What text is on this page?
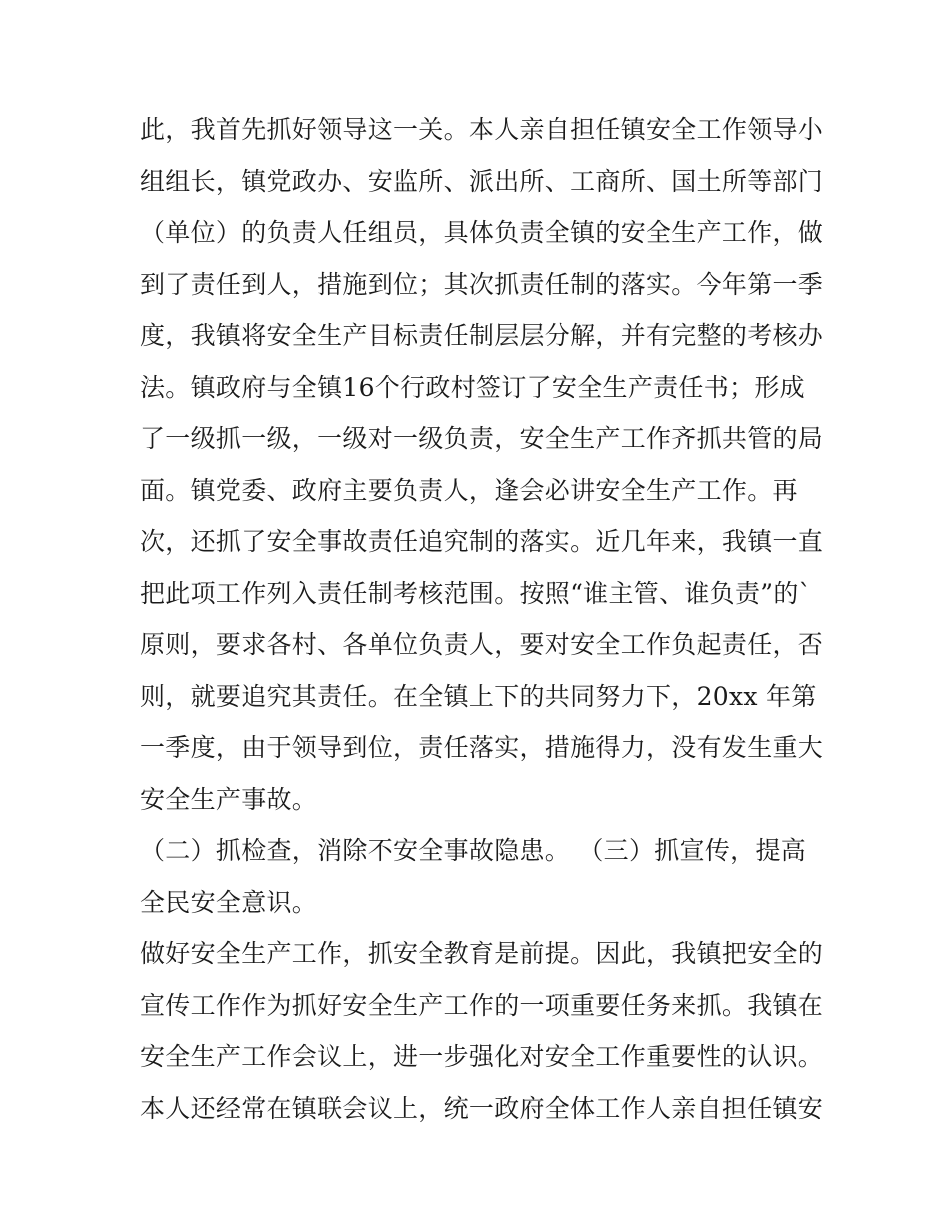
此，我首先抓好领导这一关。本人亲自担任镇安全工作领导小
组组长，镇党政办、安监所、派出所、工商所、国土所等部门
（单位）的负责人任组员，具体负责全镇的安全生产工作，做
到了责任到人，措施到位；其次抓责任制的落实。今年第一季
度，我镇将安全生产目标责任制层层分解，并有完整的考核办
法。镇政府与全镇16个行政村签订了安全生产责任书；形成
了一级抓一级，一级对一级负责，安全生产工作齐抓共管的局
面。镇党委、政府主要负责人，逢会必讲安全生产工作。再
次，还抓了安全事故责任追究制的落实。近几年来，我镇一直
把此项工作列入责任制考核范围。按照“谁主管、谁负责”的`
原则，要求各村、各单位负责人，要对安全工作负起责任，否
则，就要追究其责任。在全镇上下的共同努力下，20xx 年第
一季度，由于领导到位，责任落实，措施得力，没有发生重大
安全生产事故。
（二）抓检查，消除不安全事故隐患。 （三）抓宣传，提高
全民安全意识。
做好安全生产工作，抓安全教育是前提。因此，我镇把安全的
宣传工作作为抓好安全生产工作的一项重要任务来抓。我镇在
安全生产工作会议上，进一步强化对安全工作重要性的认识。
本人还经常在镇联会议上，统一政府全体工作人亲自担任镇安
